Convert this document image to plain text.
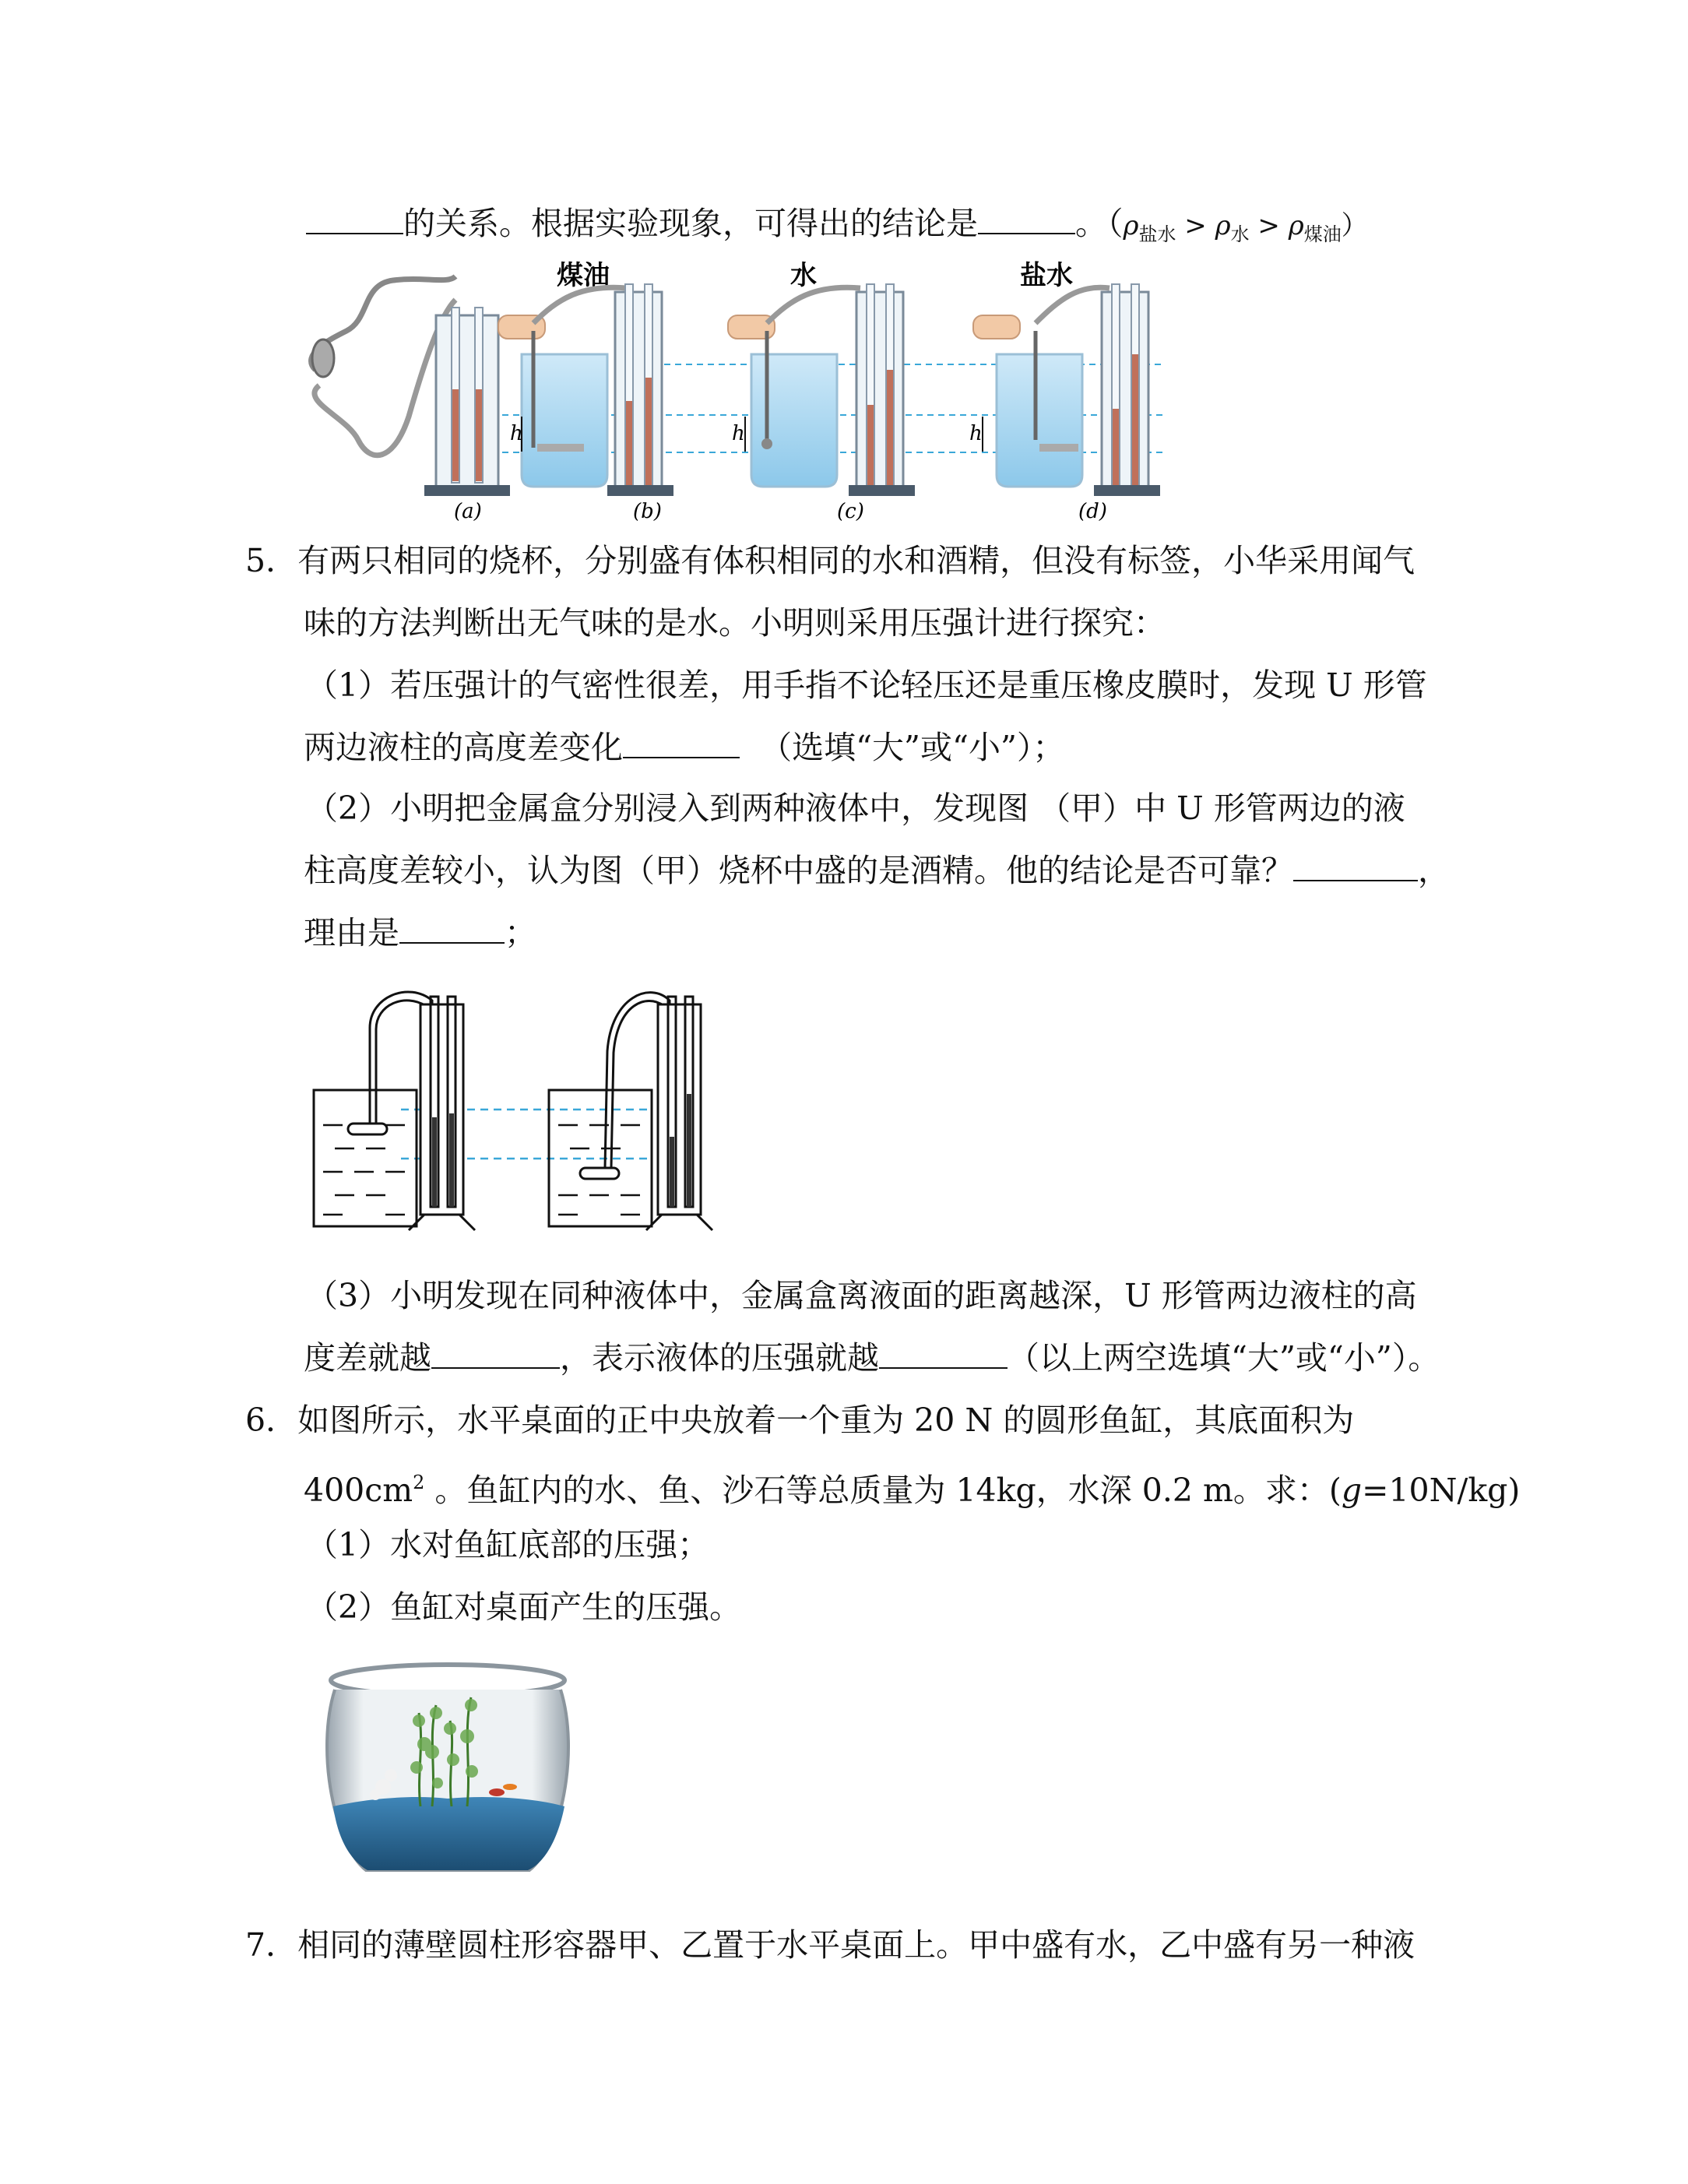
的关系。根据实验现象，可得出的结论是	。$(\rho_{盐水} > \rho_水 > \rho_{煤油})$
(a)
煤油
h
(b)
水
h
(c)
盐水
h
(d)
5．有两只相同的烧杯，分别盛有体积相同的水和酒精，但没有标签，小华采用闻气
味的方法判断出无气味的是水。小明则采用压强计进行探究：
（1）若压强计的气密性很差，用手指不论轻压还是重压橡皮膜时，发现 U 形管
两边液柱的高度差变化	（选填“大”或“小”）；
（2）小明把金属盒分别浸入到两种液体中，发现图 （甲）中 U 形管两边的液
柱高度差较小，认为图（甲）烧杯中盛的是酒精。他的结论是否可靠？	，
理由是	；
（3）小明发现在同种液体中，金属盒离液面的距离越深，U 形管两边液柱的高
度差就越	，表示液体的压强就越	（以上两空选填“大”或“小”）。
6．如图所示，水平桌面的正中央放着一个重为 20 N 的圆形鱼缸，其底面积为
$400cm^2$ 。鱼缸内的水、鱼、沙石等总质量为 14kg，水深 0.2 m。求：(g=10N/kg)
（1）水对鱼缸底部的压强；
（2）鱼缸对桌面产生的压强。
7．相同的薄壁圆柱形容器甲、乙置于水平桌面上。甲中盛有水，乙中盛有另一种液
